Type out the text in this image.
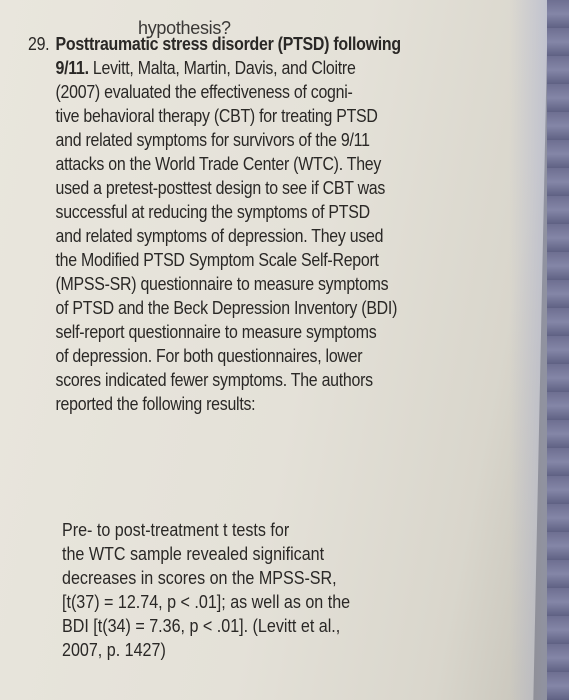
hypothesis?
29. Posttraumatic stress disorder (PTSD) following
9/11. Levitt, Malta, Martin, Davis, and Cloitre
(2007) evaluated the effectiveness of cogni-
tive behavioral therapy (CBT) for treating PTSD
and related symptoms for survivors of the 9/11
attacks on the World Trade Center (WTC). They
used a pretest-posttest design to see if CBT was
successful at reducing the symptoms of PTSD
and related symptoms of depression. They used
the Modified PTSD Symptom Scale Self-Report
(MPSS-SR) questionnaire to measure symptoms
of PTSD and the Beck Depression Inventory (BDI)
self-report questionnaire to measure symptoms
of depression. For both questionnaires, lower
scores indicated fewer symptoms. The authors
reported the following results:

Pre- to post-treatment t tests for
the WTC sample revealed significant
decreases in scores on the MPSS-SR,
[t(37) = 12.74, p < .01]; as well as on the
BDI [t(34) = 7.36, p < .01]. (Levitt et al.,
2007, p. 1427)
